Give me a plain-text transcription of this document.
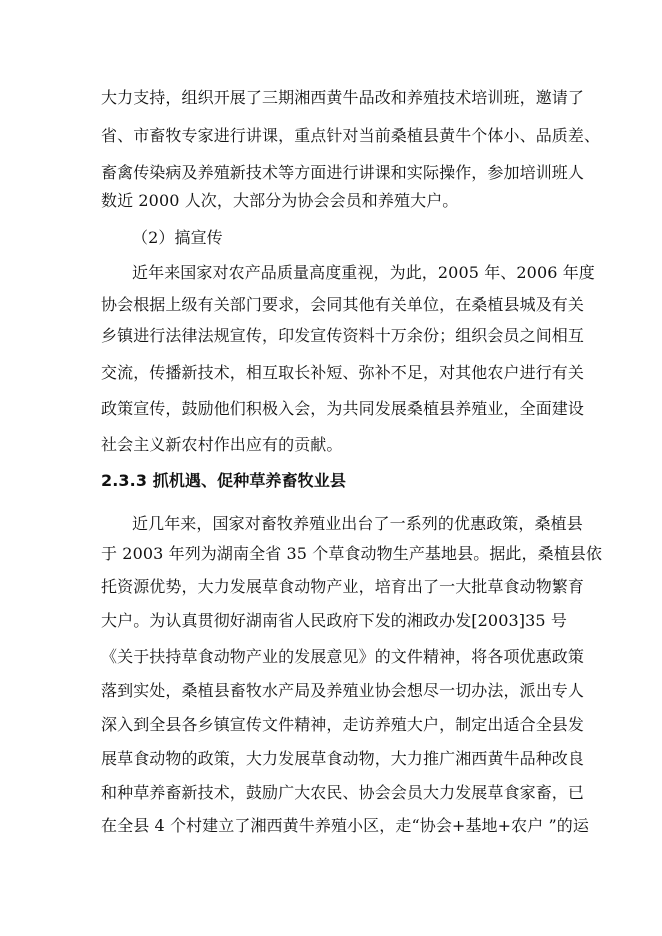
大力支持，组织开展了三期湘西黄牛品改和养殖技术培训班，邀请了
省、市畜牧专家进行讲课，重点针对当前桑植县黄牛个体小、品质差、
畜禽传染病及养殖新技术等方面进行讲课和实际操作，参加培训班人
数近 2000 人次，大部分为协会会员和养殖大户。
（2）搞宣传
近年来国家对农产品质量高度重视，为此，2005 年、2006 年度
协会根据上级有关部门要求，会同其他有关单位，在桑植县城及有关
乡镇进行法律法规宣传，印发宣传资料十万余份；组织会员之间相互
交流，传播新技术，相互取长补短、弥补不足，对其他农户进行有关
政策宣传，鼓励他们积极入会，为共同发展桑植县养殖业，全面建设
社会主义新农村作出应有的贡献。
2.3.3 抓机遇、促种草养畜牧业县
近几年来，国家对畜牧养殖业出台了一系列的优惠政策，桑植县
于 2003 年列为湖南全省 35 个草食动物生产基地县。据此，桑植县依
托资源优势，大力发展草食动物产业，培育出了一大批草食动物繁育
大户。为认真贯彻好湖南省人民政府下发的湘政办发[2003]35 号
《关于扶持草食动物产业的发展意见》的文件精神，将各项优惠政策
落到实处，桑植县畜牧水产局及养殖业协会想尽一切办法，派出专人
深入到全县各乡镇宣传文件精神，走访养殖大户，制定出适合全县发
展草食动物的政策，大力发展草食动物，大力推广湘西黄牛品种改良
和种草养畜新技术，鼓励广大农民、协会会员大力发展草食家畜，已
在全县 4 个村建立了湘西黄牛养殖小区，走“协会+基地+农户 ”的运
